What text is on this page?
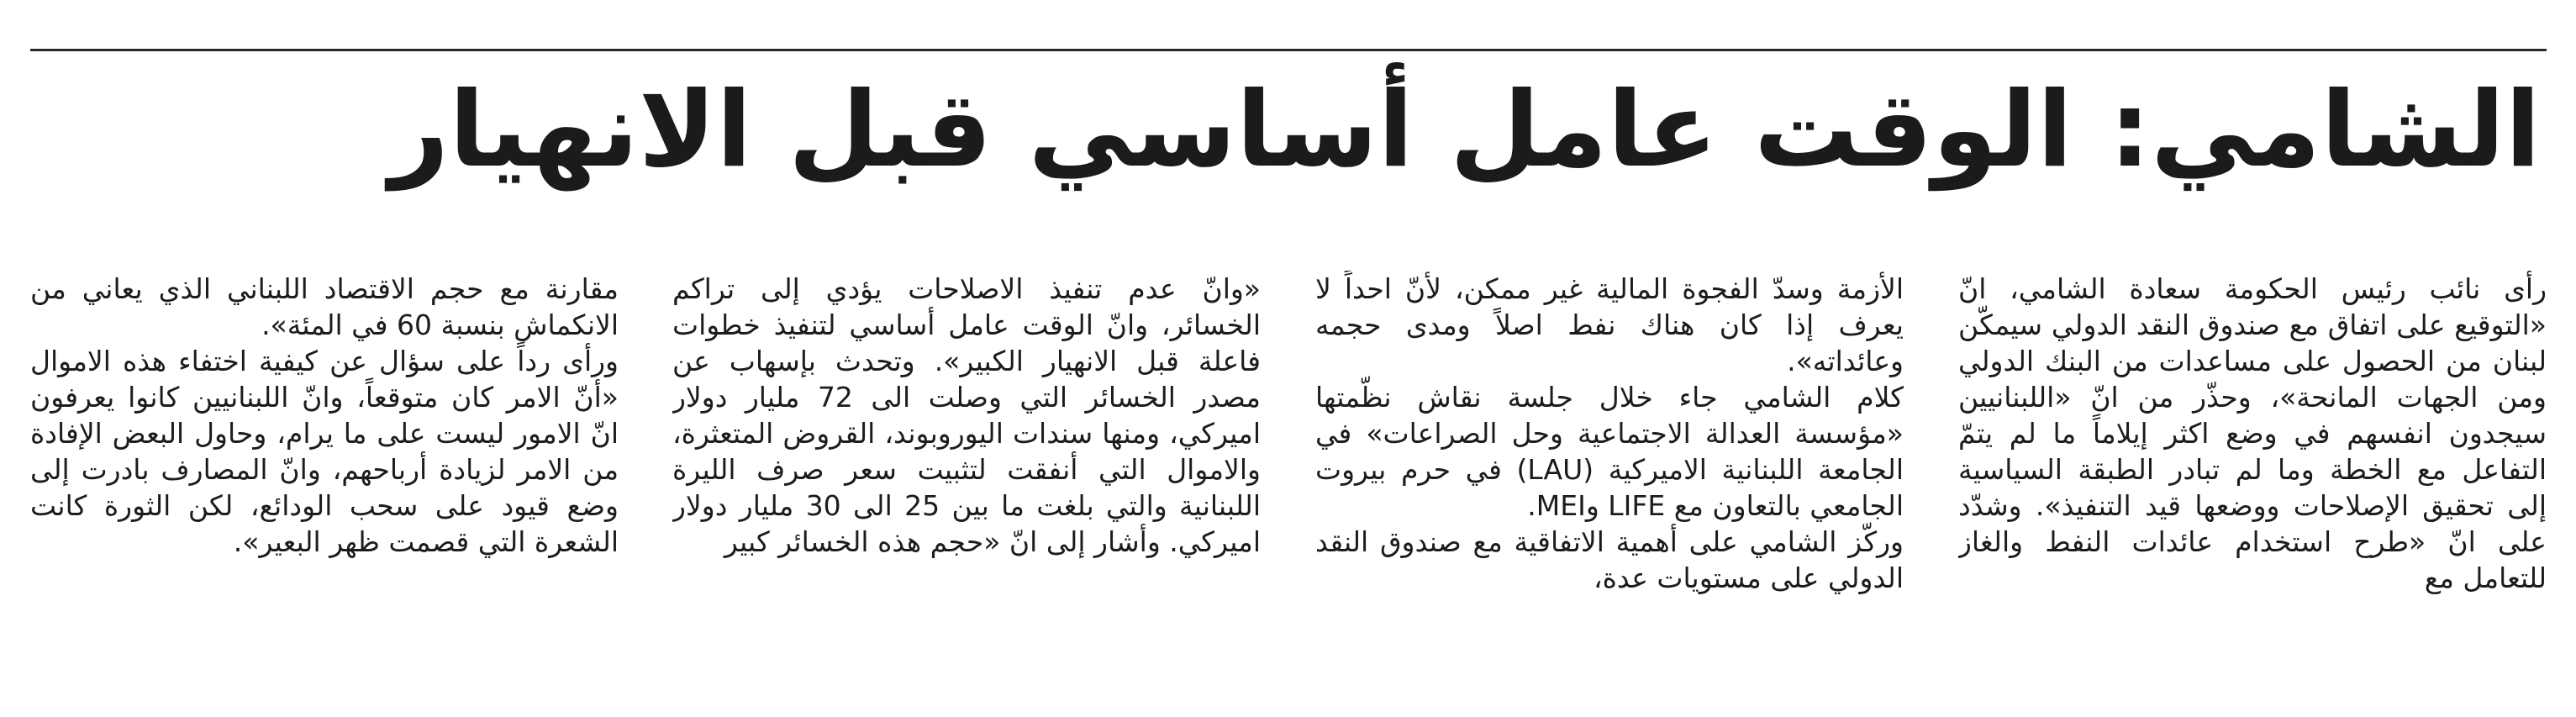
الشامي: الوقت عامل أساسي قبل الانهيار

رأى نائب رئيس الحكومة سعادة الشامي، انّ «التوقيع على اتفاق مع صندوق النقد الدولي سيمكّن لبنان من الحصول على مساعدات من البنك الدولي ومن الجهات المانحة»، وحذّر من انّ «اللبنانيين سيجدون انفسهم في وضع اكثر إيلاماً ما لم يتمّ التفاعل مع الخطة وما لم تبادر الطبقة السياسية إلى تحقيق الإصلاحات ووضعها قيد التنفيذ». وشدّد على انّ «طرح استخدام عائدات النفط والغاز للتعامل مع

الأزمة وسدّ الفجوة المالية غير ممكن، لأنّ احداً لا يعرف إذا كان هناك نفط اصلاً ومدى حجمه وعائداته».

كلام الشامي جاء خلال جلسة نقاش نظّمتها «مؤسسة العدالة الاجتماعية وحل الصراعات» في الجامعة اللبنانية الاميركية (LAU) في حرم بيروت الجامعي بالتعاون مع LIFE وMEI.

وركّز الشامي على أهمية الاتفاقية مع صندوق النقد الدولي على مستويات عدة،

«وانّ عدم تنفيذ الاصلاحات يؤدي إلى تراكم الخسائر، وانّ الوقت عامل أساسي لتنفيذ خطوات فاعلة قبل الانهيار الكبير». وتحدث بإسهاب عن مصدر الخسائر التي وصلت الى 72 مليار دولار اميركي، ومنها سندات اليوروبوند، القروض المتعثرة، والاموال التي أنفقت لتثبيت سعر صرف الليرة اللبنانية والتي بلغت ما بين 25 الى 30 مليار دولار اميركي. وأشار إلى انّ «حجم هذه الخسائر كبير

مقارنة مع حجم الاقتصاد اللبناني الذي يعاني من الانكماش بنسبة 60 في المئة».

ورأى رداً على سؤال عن كيفية اختفاء هذه الاموال «أنّ الامر كان متوقعاً، وانّ اللبنانيين كانوا يعرفون انّ الامور ليست على ما يرام، وحاول البعض الإفادة من الامر لزيادة أرباحهم، وانّ المصارف بادرت إلى وضع قيود على سحب الودائع، لكن الثورة كانت الشعرة التي قصمت ظهر البعير».
